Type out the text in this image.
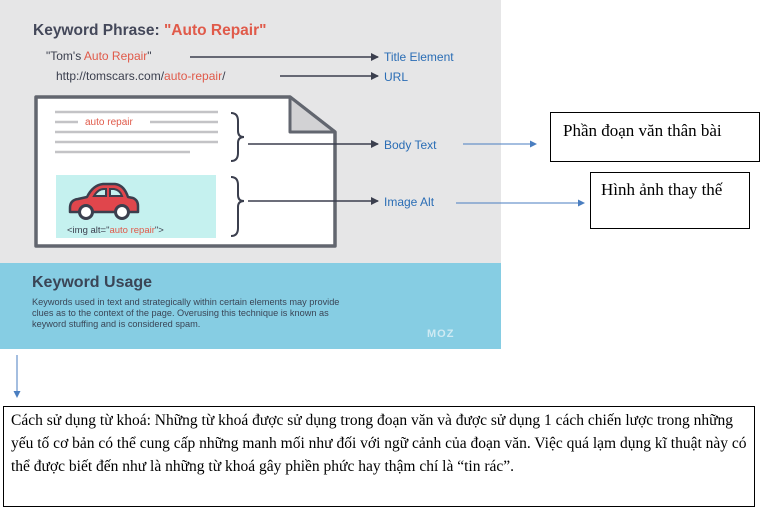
Keyword Phrase: "Auto Repair"
"Tom's Auto Repair"
http://tomscars.com/auto-repair/
Title Element
URL
Body Text
Image Alt
auto repair
<img alt="auto repair">
Keyword Usage
Keywords used in text and strategically within certain elements may provide clues as to the context of the page. Overusing this technique is known as keyword stuffing and is considered spam.
MOZ
Phần đoạn văn thân bài
Hình ảnh thay thế
Cách sử dụng từ khoá: Những từ khoá được sử dụng trong đoạn văn và được sử dụng 1 cách chiến lược trong những yếu tố cơ bản có thể cung cấp những manh mối như đối với ngữ cảnh của đoạn văn. Việc quá lạm dụng kĩ thuật này có thể được biết đến như là những từ khoá gây phiền phức hay thậm chí là “tin rác”.
